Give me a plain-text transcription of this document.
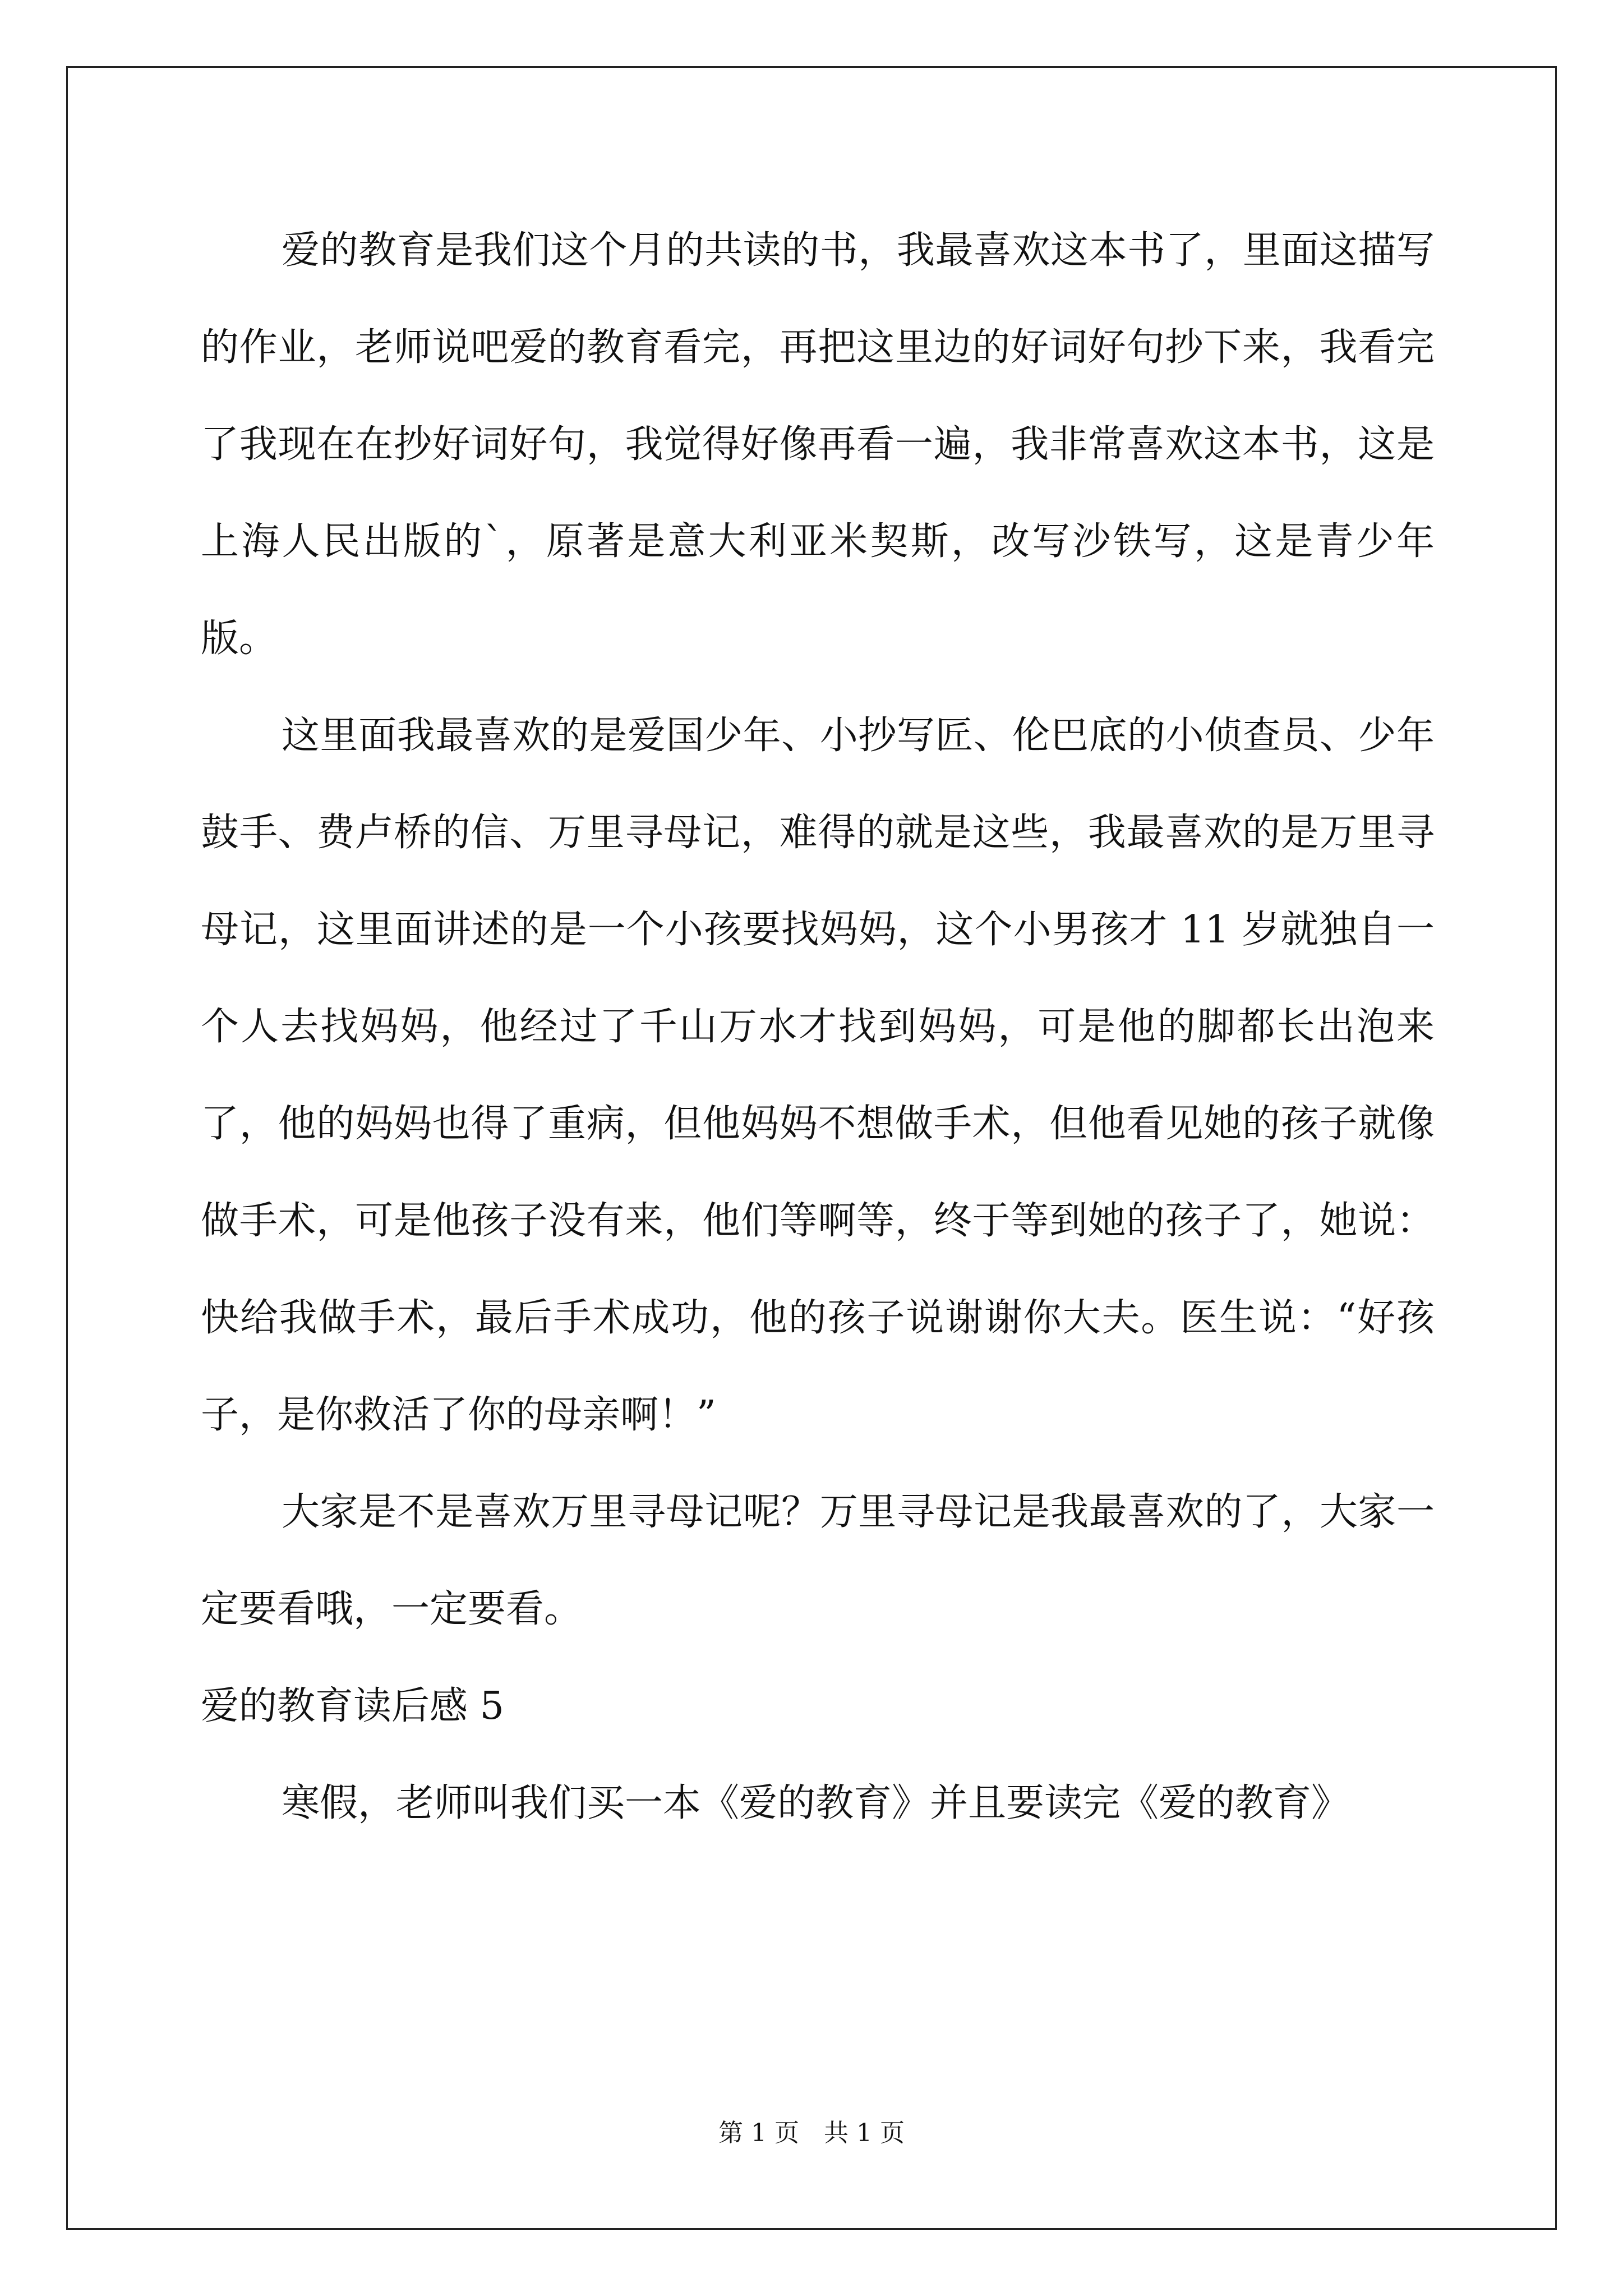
爱的教育是我们这个月的共读的书，我最喜欢这本书了，里面这描写的作业，老师说吧爱的教育看完，再把这里边的好词好句抄下来，我看完了我现在在抄好词好句，我觉得好像再看一遍，我非常喜欢这本书，这是上海人民出版的`，原著是意大利亚米契斯，改写沙铁写，这是青少年版。

这里面我最喜欢的是爱国少年、小抄写匠、伦巴底的小侦查员、少年鼓手、费卢桥的信、万里寻母记，难得的就是这些，我最喜欢的是万里寻母记，这里面讲述的是一个小孩要找妈妈，这个小男孩才 11 岁就独自一个人去找妈妈，他经过了千山万水才找到妈妈，可是他的脚都长出泡来了，他的妈妈也得了重病，但他妈妈不想做手术，但他看见她的孩子就像做手术，可是他孩子没有来，他们等啊等，终于等到她的孩子了，她说：快给我做手术，最后手术成功，他的孩子说谢谢你大夫。医生说：“好孩子，是你救活了你的母亲啊！”

大家是不是喜欢万里寻母记呢？万里寻母记是我最喜欢的了，大家一定要看哦，一定要看。

爱的教育读后感 5

寒假，老师叫我们买一本《爱的教育》并且要读完《爱的教育》

第 1 页 共 1 页
